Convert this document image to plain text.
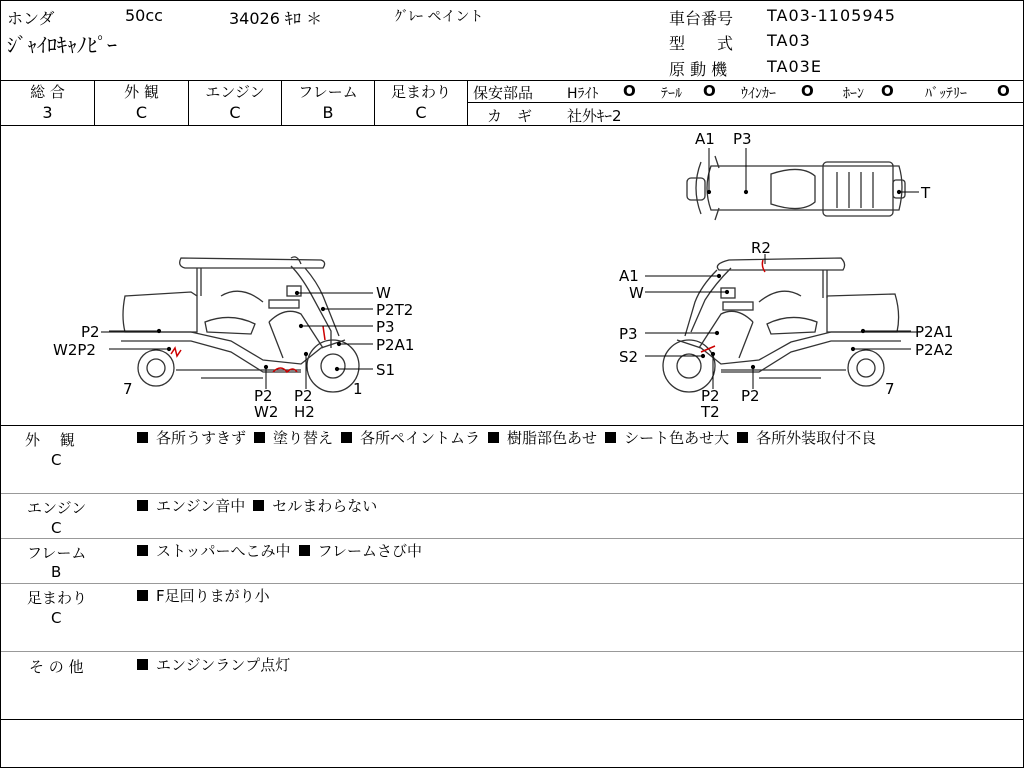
ホンダ	50cc	34026 ｷﾛ ＊	ｸﾞﾚｰ ペイント
ｼﾞｬｲﾛｷｬﾉﾋﾟｰ
車台番号 TA03-1105945
型　　式 TA03
原 動 機 TA03E
総 合
3
外 観
C
エンジン
C
フレーム
B
足まわり
C
保安部品 Hﾗｲﾄ O ﾃｰﾙ O ｳｲﾝｶｰ O ﾎｰﾝ O ﾊﾞｯﾃﾘｰ O
カ　ギ 社外ｷｰ2
W
P2T2
P3
P2A1
S1
P2
W2P2
7	1
P2
W2
P2
H2
A1 P3
T
R2
A1
W
P3
S2
P2A1
P2A2
7
P2
T2
P2
外　 観
C
各所うすきず 塗り替え 各所ペイントムラ 樹脂部色あせ シート色あせ大 各所外装取付不良
エンジン
C
エンジン音中 セルまわらない
フレーム
B
ストッパーへこみ中 フレームさび中
足まわり
C
F足回りまがり小
そ の 他	エンジンランプ点灯
